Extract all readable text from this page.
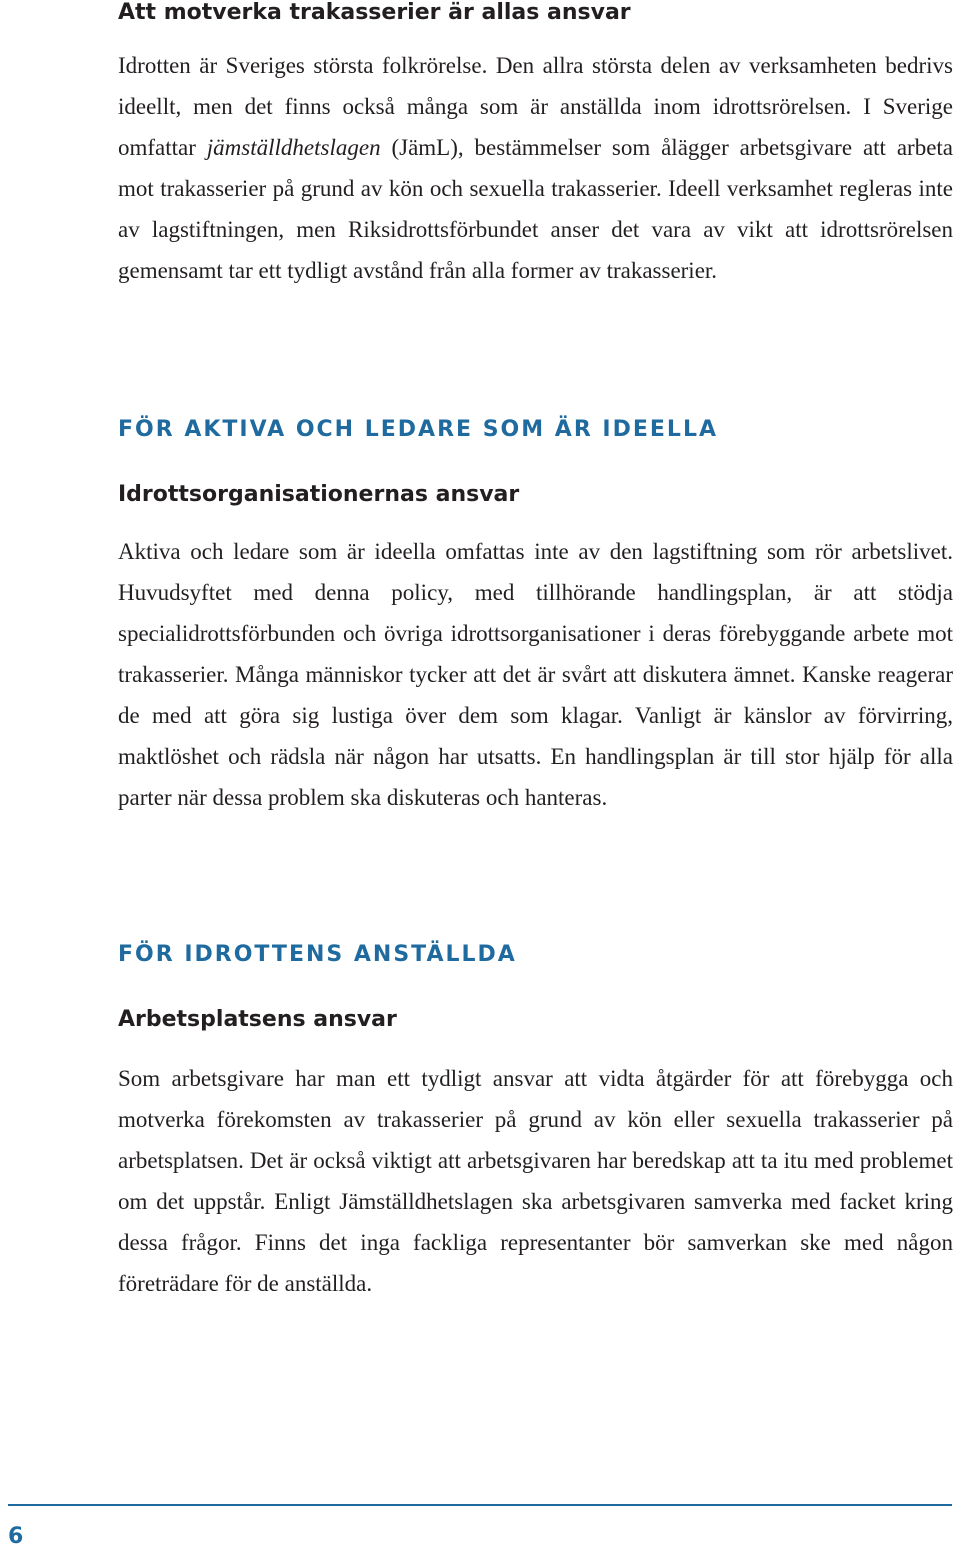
Att motverka trakasserier är allas ansvar

Idrotten är Sveriges största folkrörelse. Den allra största delen av verksamheten bedrivs ideellt, men det finns också många som är anställda inom idrottsrörelsen. I Sverige omfattar jämställdhetslagen (JämL), bestämmelser som ålägger arbetsgivare att arbeta mot trakasserier på grund av kön och sexuella trakasserier. Ideell verksamhet regleras inte av lagstiftningen, men Riksidrottsförbundet anser det vara av vikt att idrottsrörelsen gemensamt tar ett tydligt avstånd från alla former av trakasserier.

FÖR AKTIVA OCH LEDARE SOM ÄR IDEELLA
Idrottsorganisationernas ansvar

Aktiva och ledare som är ideella omfattas inte av den lagstiftning som rör arbetslivet. Huvudsyftet med denna policy, med tillhörande handlingsplan, är att stödja specialidrottsförbunden och övriga idrottsorganisationer i deras förebyggande arbete mot trakasserier. Många människor tycker att det är svårt att diskutera ämnet. Kanske reagerar de med att göra sig lustiga över dem som klagar. Vanligt är känslor av förvirring, maktlöshet och rädsla när någon har utsatts. En handlingsplan är till stor hjälp för alla parter när dessa problem ska diskuteras och hanteras.

FÖR IDROTTENS ANSTÄLLDA
Arbetsplatsens ansvar

Som arbetsgivare har man ett tydligt ansvar att vidta åtgärder för att förebygga och motverka förekomsten av trakasserier på grund av kön eller sexuella trakasserier på arbetsplatsen. Det är också viktigt att arbetsgivaren har beredskap att ta itu med problemet om det uppstår. Enligt Jämställdhetslagen ska arbetsgivaren samverka med facket kring dessa frågor. Finns det inga fackliga representanter bör samverkan ske med någon företrädare för de anställda.

6
